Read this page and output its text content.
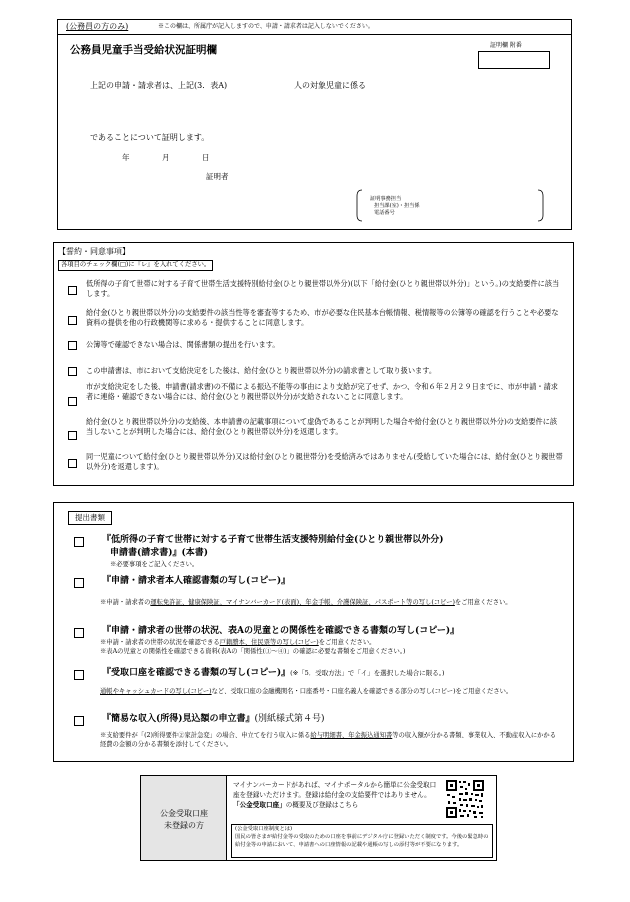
(公務員の方のみ)	※この欄は、所属庁が記入しますので、申請・請求者は記入しないでください。
公務員児童手当受給状況証明欄	証明欄 附番
上記の申請・請求者は、上記(3．表A)	人の対象児童に係る
であることについて証明します。
年	月	日
証明者
証明事務担当
担当課(室)・担当係
電話番号
【誓約・同意事項】
各項目のチェック欄(□)に『レ』を入れてください。
低所得の子育て世帯に対する子育て世帯生活支援特別給付金(ひとり親世帯以外分)(以下「給付金(ひとり親世帯以外分)」という。)の支給要件に該当します。
給付金(ひとり親世帯以外分)の支給要件の該当性等を審査等するため、市が必要な住民基本台帳情報、税情報等の公簿等の確認を行うことや必要な資料の提供を他の行政機関等に求める・提供することに同意します。
公簿等で確認できない場合は、関係書類の提出を行います。
この申請書は、市において支給決定をした後は、給付金(ひとり親世帯以外分)の請求書として取り扱います。
市が支給決定をした後、申請書(請求書)の不備による振込不能等の事由により支給が完了せず、かつ、令和６年２月２９日までに、市が申請・請求者に連絡・確認できない場合には、給付金(ひとり親世帯以外分)が支給されないことに同意します。
給付金(ひとり親世帯以外分)の支給後、本申請書の記載事項について虚偽であることが判明した場合や給付金(ひとり親世帯以外分)の支給要件に該当しないことが判明した場合には、給付金(ひとり親世帯以外分)を返還します。
同一児童について給付金(ひとり親世帯以外分)又は給付金(ひとり親世帯分)を受給済みではありません(受給していた場合には、給付金(ひとり親世帯以外分)を返還します)。
提出書類
『低所得の子育て世帯に対する子育て世帯生活支援特別給付金(ひとり親世帯以外分)
申請書(請求書)』(本書)
※必要事項をご記入ください。
『申請・請求者本人確認書類の写し(コピー)』
※申請・請求者の運転免許証、健康保険証、マイナンバーカード(表面)、年金手帳、介護保険証、パスポート等の写し(コピー)をご用意ください。
『申請・請求者の世帯の状況、表Aの児童との関係性を確認できる書類の写し(コピー)』
※申請・請求者の世帯の状況を確認できる戸籍謄本、住民票等の写し(コピー)をご用意ください。
※表Aの児童との関係性を確認できる資料(表Aの「関係性(①～④)」の確認に必要な書類をご用意ください。)
『受取口座を確認できる書類の写し(コピー)』(※「5．受取方法」で「イ」を選択した場合に限る。)
通帳やキャッシュカードの写し(コピー)など、受取口座の金融機関名・口座番号・口座名義人を確認できる部分の写し(コピー)をご用意ください。
『簡易な収入(所得)見込額の申立書』(別紙様式第４号)
※支給要件が「(2)所得要件②家計急変」の場合、申立てを行う収入に係る給与明細書、年金振込通知書等の収入額が分かる書類、事業収入、不動産収入にかかる経費の金額の分かる書類を添付してください。
公金受取口座
未登録の方
マイナンバーカードがあれば、マイナポータルから簡単に公金受取口座を登録いただけます。登録は給付金の支給要件ではありません。「公金受取口座」の概要及び登録はこちら
(公金受取口座制度とは)
国民の皆さまが給付金等の受取のための口座を事前にデジタル庁に登録いただく制度です。今後の緊急時の給付金等の申請において、申請書への口座情報の記載や通帳の写しの添付等が不要になります。
